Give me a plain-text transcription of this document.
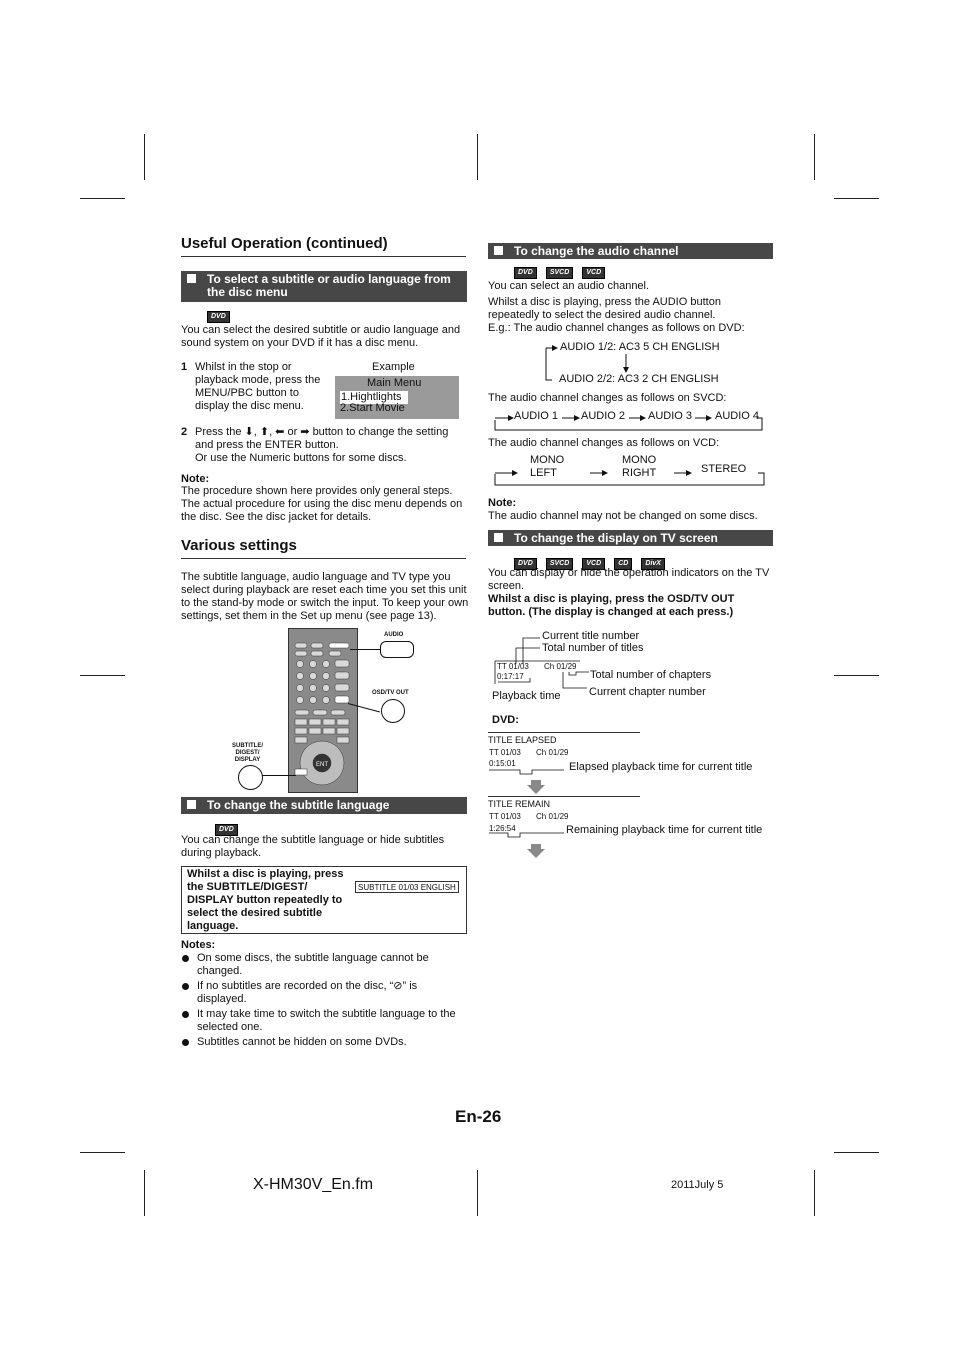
Useful Operation (continued)
To select a subtitle or audio language from
the disc menu
DVD
You can select the desired subtitle or audio language and
sound system on your DVD if it has a disc menu.
1 Whilst in the stop or
playback mode, press the
MENU/PBC button to
display the disc menu.
Example
Main Menu
1.Hightlights
2.Start Movie
2 Press the ⬇, ⬆, ⬅ or ➡ button to change the setting
and press the ENTER button.
Or use the Numeric buttons for some discs.
Note:
The procedure shown here provides only general steps.
The actual procedure for using the disc menu depends on
the disc. See the disc jacket for details.
Various settings
The subtitle language, audio language and TV type you
select during playback are reset each time you set this unit
to the stand-by mode or switch the input. To keep your own
settings, set them in the Set up menu (see page 13).
ENT
AUDIO
OSD/TV OUT
SUBTITLE/
DIGEST/
DISPLAY
To change the subtitle language
DVD
You can change the subtitle language or hide subtitles
during playback.
Whilst a disc is playing, press
the SUBTITLE/DIGEST/
DISPLAY button repeatedly to
select the desired subtitle
language.
SUBTITLE 01/03 ENGLISH
Notes:
On some discs, the subtitle language cannot be
changed.
If no subtitles are recorded on the disc, “⊘” is
displayed.
It may take time to switch the subtitle language to the
selected one.
Subtitles cannot be hidden on some DVDs.
To change the audio channel
DVD SVCD VCD
You can select an audio channel.
Whilst a disc is playing, press the AUDIO button
repeatedly to select the desired audio channel.
E.g.: The audio channel changes as follows on DVD:
AUDIO 1/2: AC3 5 CH ENGLISH
AUDIO 2/2: AC3 2 CH ENGLISH
The audio channel changes as follows on SVCD:
AUDIO 1 AUDIO 2 AUDIO 3 AUDIO 4
The audio channel changes as follows on VCD:
MONO
LEFT
MONO
RIGHT	STEREO
Note:
The audio channel may not be changed on some discs.
To change the display on TV screen
DVD SVCD VCD CD DivX
You can display or hide the operation indicators on the TV
screen.
Whilst a disc is playing, press the OSD/TV OUT
button. (The display is changed at each press.)
Current title number
Total number of titles
TT 01/03 Ch 01/29
0:17:17	Total number of chapters
Current chapter number
Playback time
DVD:
TITLE ELAPSED
TT 01/03 Ch 01/29
0:15:01	Elapsed playback time for current title
TITLE REMAIN
TT 01/03 Ch 01/29
1:26:54	Remaining playback time for current title
En-26
X-HM30V_En.fm	2011July 5
